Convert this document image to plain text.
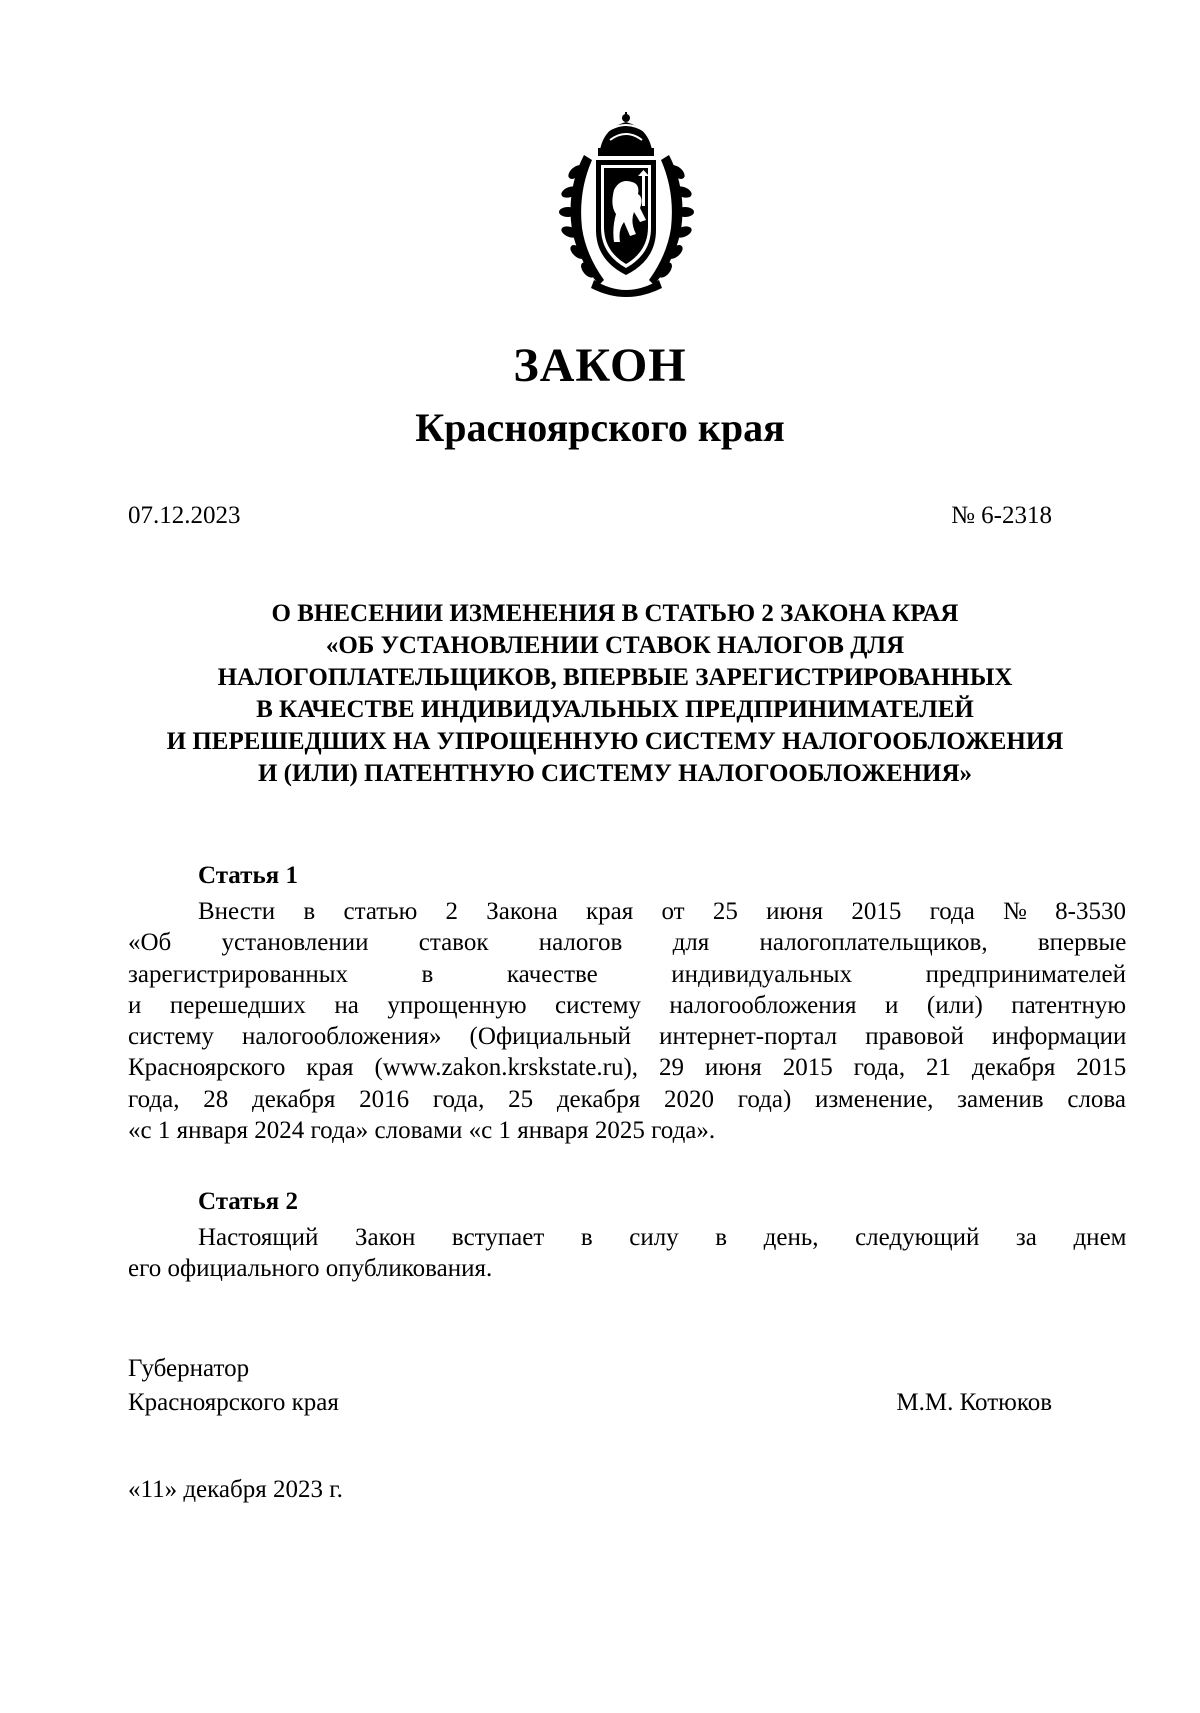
ЗАКОН
Красноярского края
07.12.2023	№ 6-2318
О ВНЕСЕНИИ ИЗМЕНЕНИЯ В СТАТЬЮ 2 ЗАКОНА КРАЯ
«ОБ УСТАНОВЛЕНИИ СТАВОК НАЛОГОВ ДЛЯ
НАЛОГОПЛАТЕЛЬЩИКОВ, ВПЕРВЫЕ ЗАРЕГИСТРИРОВАННЫХ
В КАЧЕСТВЕ ИНДИВИДУАЛЬНЫХ ПРЕДПРИНИМАТЕЛЕЙ
И ПЕРЕШЕДШИХ НА УПРОЩЕННУЮ СИСТЕМУ НАЛОГООБЛОЖЕНИЯ
И (ИЛИ) ПАТЕНТНУЮ СИСТЕМУ НАЛОГООБЛОЖЕНИЯ»
Статья 1
Внести в статью 2 Закона края от 25 июня 2015 года № 8-3530
«Об установлении ставок налогов для налогоплательщиков, впервые
зарегистрированных в качестве индивидуальных предпринимателей
и перешедших на упрощенную систему налогообложения и (или) патентную
систему налогообложения» (Официальный интернет-портал правовой информации
Красноярского края (www.zakon.krskstate.ru), 29 июня 2015 года, 21 декабря 2015
года, 28 декабря 2016 года, 25 декабря 2020 года) изменение, заменив слова
«с 1 января 2024 года» словами «с 1 января 2025 года».
Статья 2
Настоящий Закон вступает в силу в день, следующий за днем
его официального опубликования.
Губернатор
Красноярского края	М.М. Котюков
«11» декабря 2023 г.
